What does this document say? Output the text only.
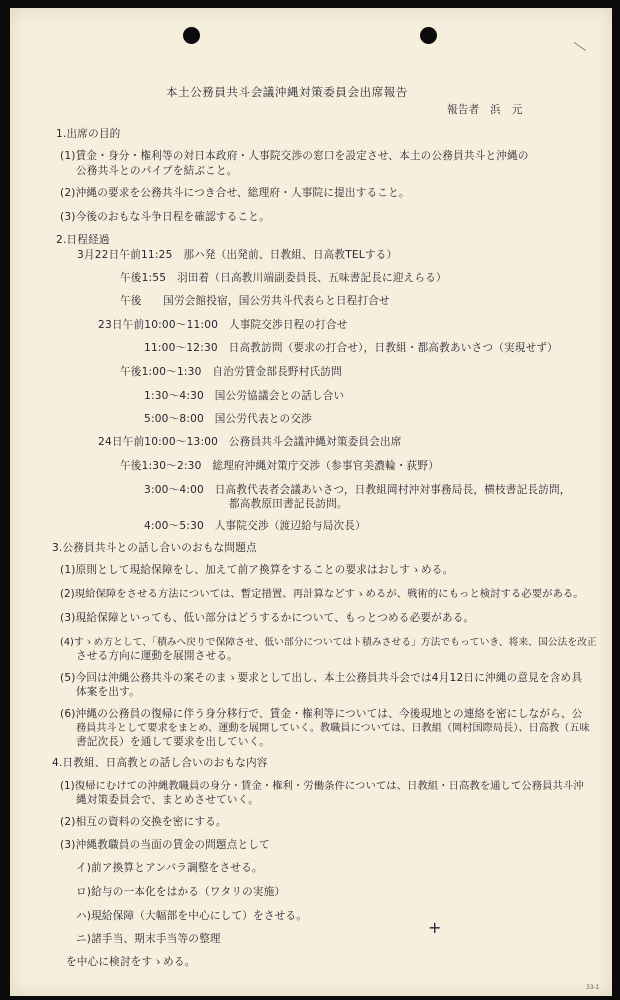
本土公務員共斗会議沖縄対策委員会出席報告
報告者　浜　元
1.出席の目的
(1)賃金・身分・権利等の対日本政府・人事院交渉の窓口を設定させ、本土の公務員共斗と沖縄の
公務共斗とのパイプを結ぶこと。
(2)沖縄の要求を公務共斗につき合せ、総理府・人事院に提出すること。
(3)今後のおもな斗争日程を確認すること。
2.日程経過
3月22日午前11:25　那ハ発（出発前、日教組、日高教TELする）
午後1:55　羽田着（日高教川端副委員長、五味書記長に迎えらる）
午後　　国労会館投宿，国公労共斗代表らと日程打合せ
23日午前10:00～11:00　人事院交渉日程の打合せ
11:00～12:30　日高教訪問（要求の打合せ），日教組・都高教あいさつ（実現せず）
午後1:00～1:30　自治労賃金部長野村氏訪問
1:30～4:30　国公労協議会との話し合い
5:00～8:00　国公労代表との交渉
24日午前10:00～13:00　公務員共斗会議沖縄対策委員会出席
午後1:30～2:30　総理府沖縄対策庁交渉（参事官美濃輪・荻野）
3:00～4:00　日高教代表者会議あいさつ，日教組岡村沖対事務局長，横枝書記長訪問，
都高教原田書記長訪問。
4:00～5:30　人事院交渉（渡辺給与局次長）
3.公務員共斗との話し合いのおもな問題点
(1)原則として現給保障をし、加えて前ア換算をすることの要求はおしすゝめる。
(2)現給保障をさせる方法については、暫定措置、再計算などすゝめるが、戦術的にもっと検討する必要がある。
(3)現給保障といっても、低い部分はどうするかについて、もっとつめる必要がある。
(4)すゝめ方として、「積みへ戻りで保障させ、低い部分についてはト積みさせる」方法でもっていき、将来、国公法を改正
させる方向に運動を展開させる。
(5)今回は沖縄公務共斗の案そのまゝ要求として出し、本土公務員共斗会では4月12日に沖縄の意見を含め具
体案を出す。
(6)沖縄の公務員の復帰に伴う身分移行で、賃金・権利等については、今後現地との連絡を密にしながら、公
務員共斗として要求をまとめ、運動を展開していく。教職員については、日教組（岡村国際局長）、日高教（五味
書記次長）を通して要求を出していく。
4.日教組、日高教との話し合いのおもな内容
(1)復帰にむけての沖縄教職員の身分・賃金・権利・労働条件については、日教組・日高教を通して公務員共斗沖
縄対策委員会で、まとめさせていく。
(2)相互の資料の交換を密にする。
(3)沖縄教職員の当面の賃金の問題点として
イ)前ア換算とアンバラ調整をさせる。
ロ)給与の一本化をはかる（ワタリの実施）
ハ)現給保障（大幅部を中心にして）をさせる。
ニ)諸手当、期末手当等の整理
を中心に検討をすゝめる。
+
33-1
